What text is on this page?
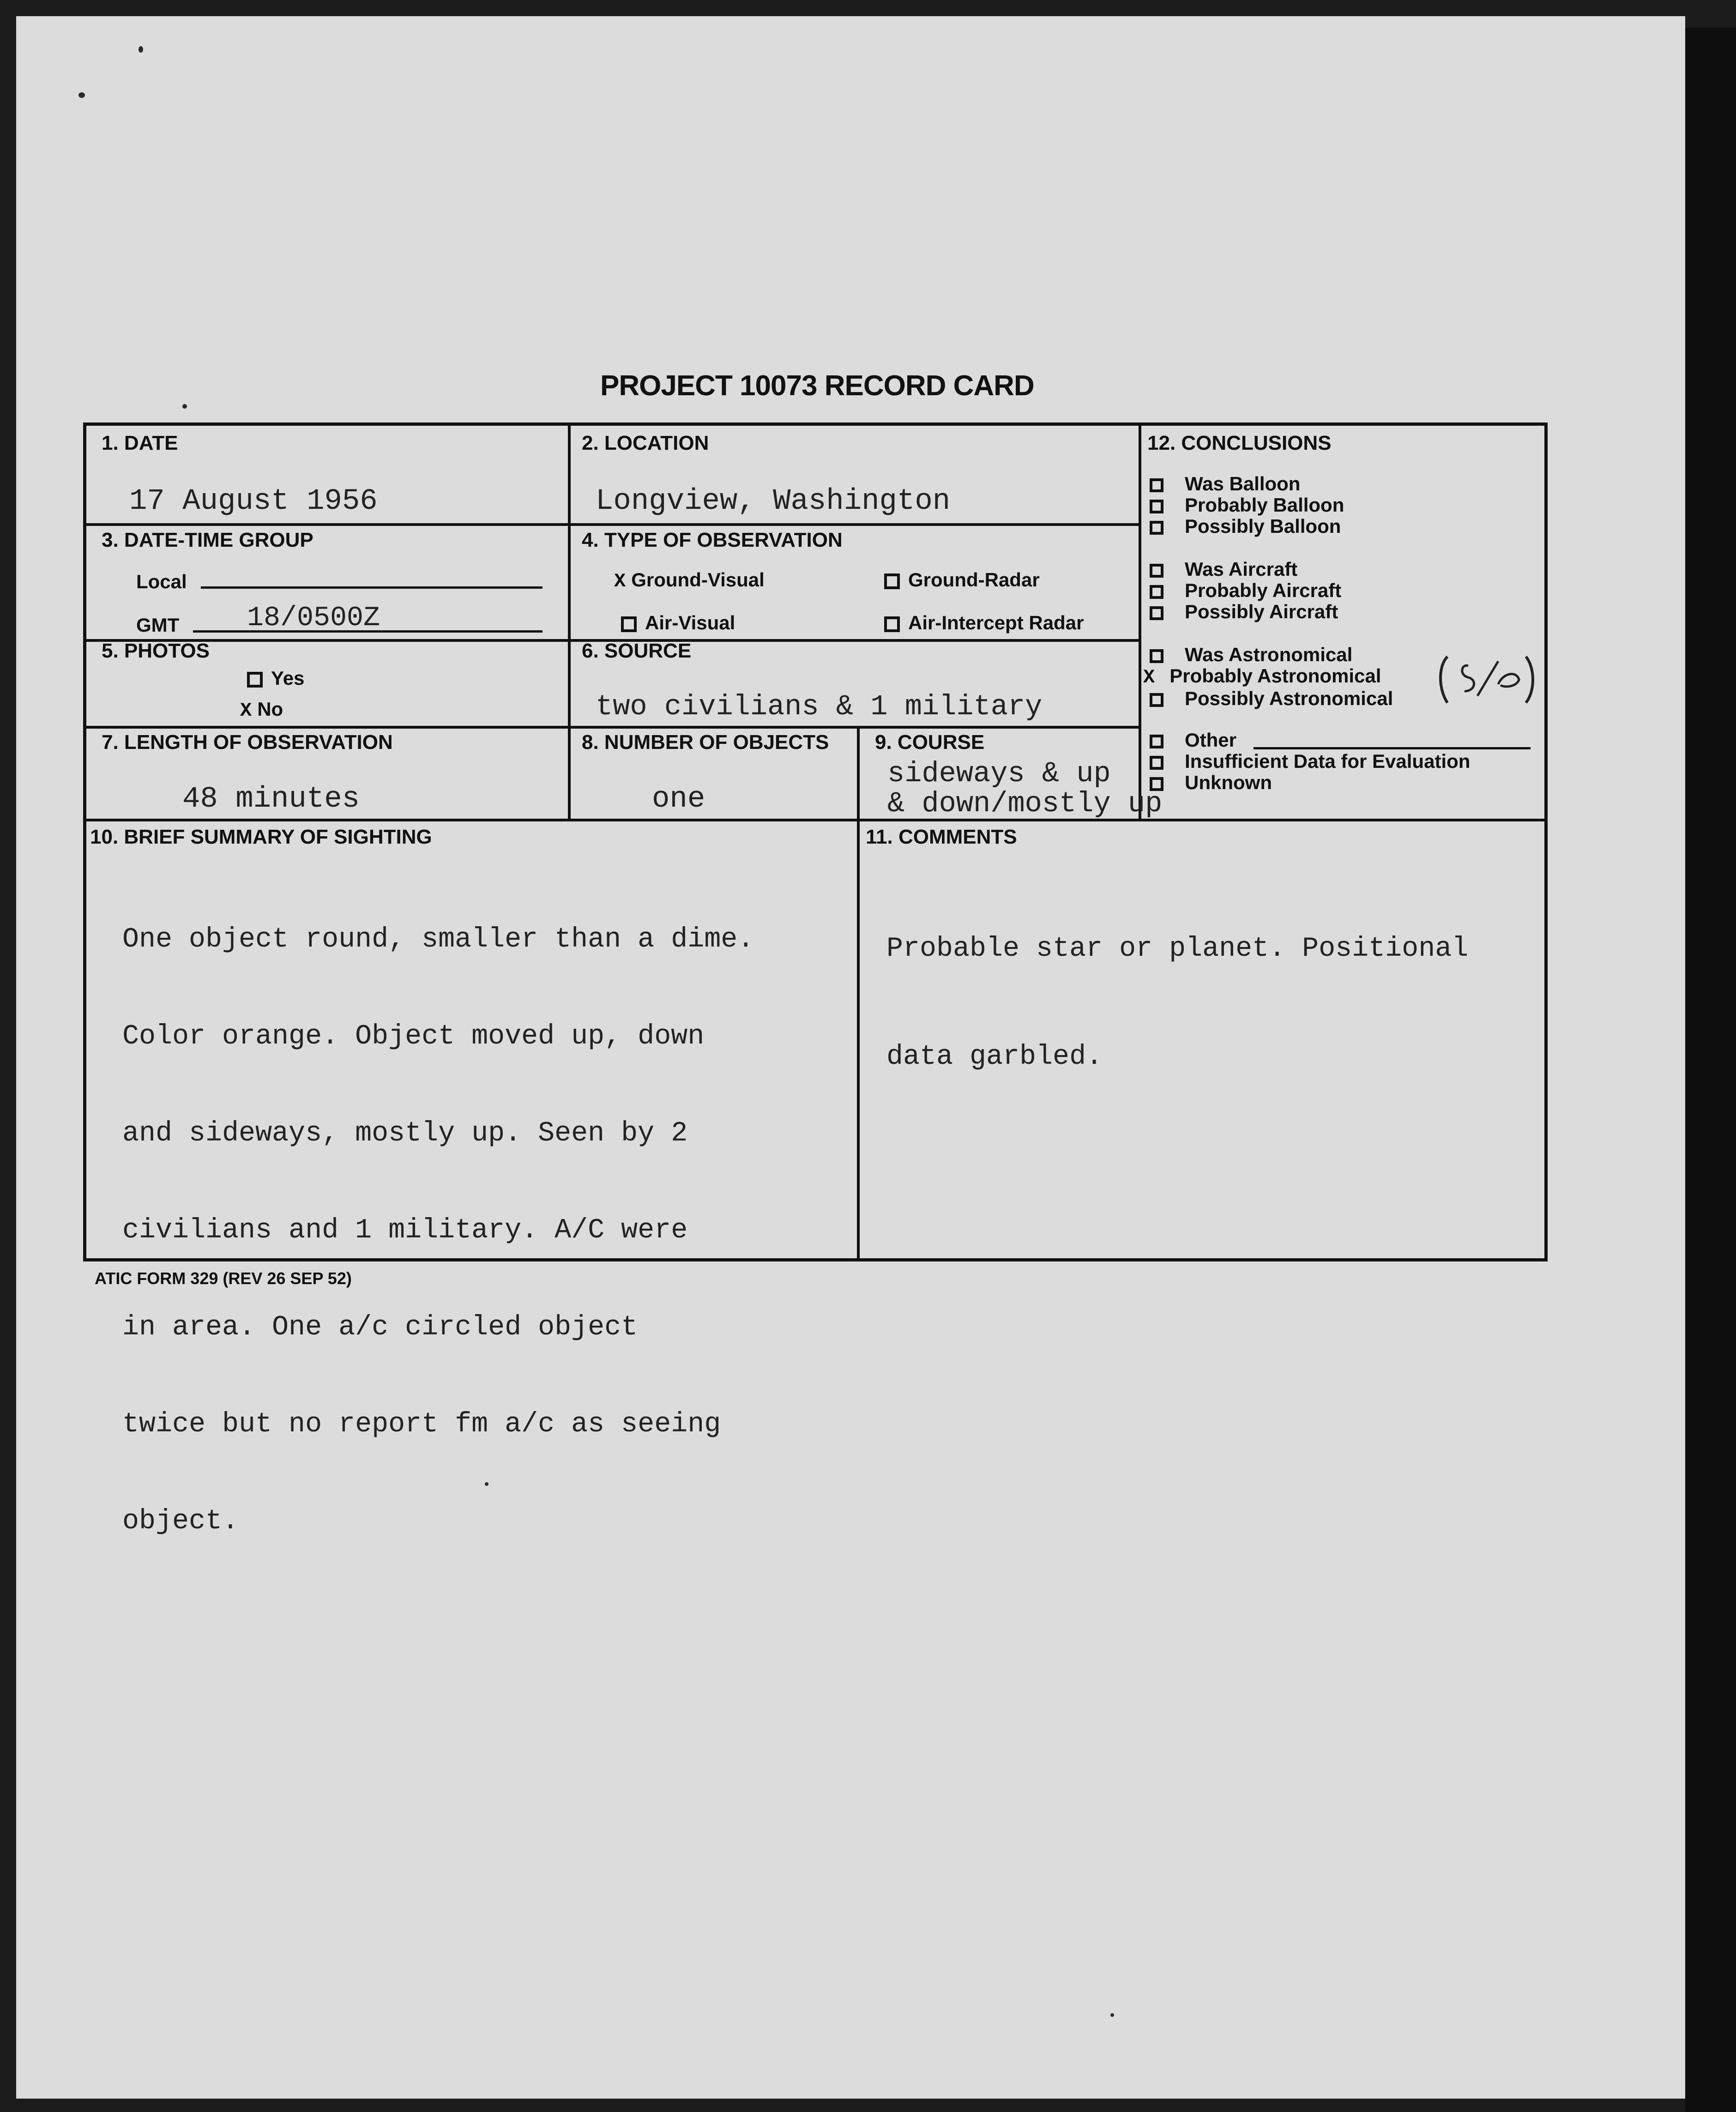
PROJECT 10073 RECORD CARD
1. DATE
17 August 1956
2. LOCATION
Longview, Washington
3. DATE-TIME GROUP
Local
GMT 18/0500Z
4. TYPE OF OBSERVATION
X Ground-Visual	Ground-Radar
Air-Visual	Air-Intercept Radar
5. PHOTOS
Yes
X No
6. SOURCE
two civilians & 1 military
7. LENGTH OF OBSERVATION
48 minutes
8. NUMBER OF OBJECTS
one
9. COURSE
sideways & up
& down/mostly up
10. BRIEF SUMMARY OF SIGHTING

One object round, smaller than a dime.

Color orange. Object moved up, down

and sideways, mostly up. Seen by 2

civilians and 1 military. A/C were

in area. One a/c circled object

twice but no report fm a/c as seeing

object.

11. COMMENTS

Probable star or planet. Positional

data garbled.

12. CONCLUSIONS
Was Balloon
Probably Balloon
Possibly Balloon
Was Aircraft
Probably Aircraft
Possibly Aircraft
Was Astronomical
X Probably Astronomical
Possibly Astronomical
Other
Insufficient Data for Evaluation
Unknown
ATIC FORM 329 (REV 26 SEP 52)
